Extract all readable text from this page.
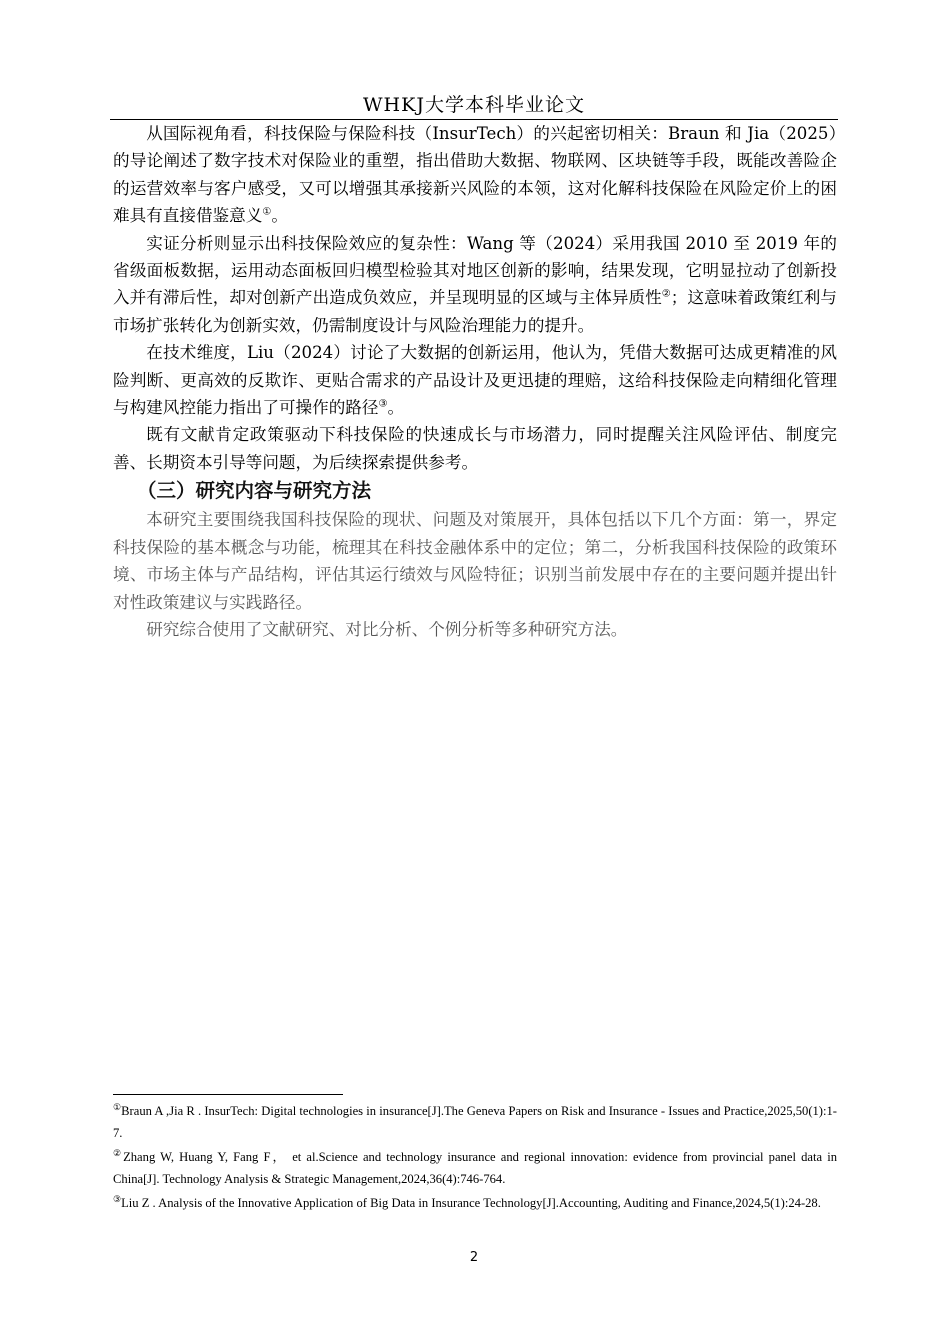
WHKJ大学本科毕业论文

从国际视角看，科技保险与保险科技（InsurTech）的兴起密切相关：Braun 和 Jia（2025）的导论阐述了数字技术对保险业的重塑，指出借助大数据、物联网、区块链等手段，既能改善险企的运营效率与客户感受，又可以增强其承接新兴风险的本领，这对化解科技保险在风险定价上的困难具有直接借鉴意义①。

实证分析则显示出科技保险效应的复杂性：Wang 等（2024）采用我国 2010 至 2019 年的省级面板数据，运用动态面板回归模型检验其对地区创新的影响，结果发现，它明显拉动了创新投入并有滞后性，却对创新产出造成负效应，并呈现明显的区域与主体异质性②；这意味着政策红利与市场扩张转化为创新实效，仍需制度设计与风险治理能力的提升。

在技术维度，Liu（2024）讨论了大数据的创新运用，他认为，凭借大数据可达成更精准的风险判断、更高效的反欺诈、更贴合需求的产品设计及更迅捷的理赔，这给科技保险走向精细化管理与构建风控能力指出了可操作的路径③。

既有文献肯定政策驱动下科技保险的快速成长与市场潜力，同时提醒关注风险评估、制度完善、长期资本引导等问题，为后续探索提供参考。

（三）研究内容与研究方法

本研究主要围绕我国科技保险的现状、问题及对策展开，具体包括以下几个方面：第一，界定科技保险的基本概念与功能，梳理其在科技金融体系中的定位；第二，分析我国科技保险的政策环境、市场主体与产品结构，评估其运行绩效与风险特征；识别当前发展中存在的主要问题并提出针对性政策建议与实践路径。

研究综合使用了文献研究、对比分析、个例分析等多种研究方法。

①Braun A ,Jia R . InsurTech: Digital technologies in insurance[J].The Geneva Papers on Risk and Insurance - Issues and Practice,2025,50(1):1-7.

②Zhang W, Huang Y, Fang F， et al.Science and technology insurance and regional innovation: evidence from provincial panel data in China[J]. Technology Analysis & Strategic Management,2024,36(4):746-764.

③Liu Z . Analysis of the Innovative Application of Big Data in Insurance Technology[J].Accounting, Auditing and Finance,2024,5(1):24-28.

2
